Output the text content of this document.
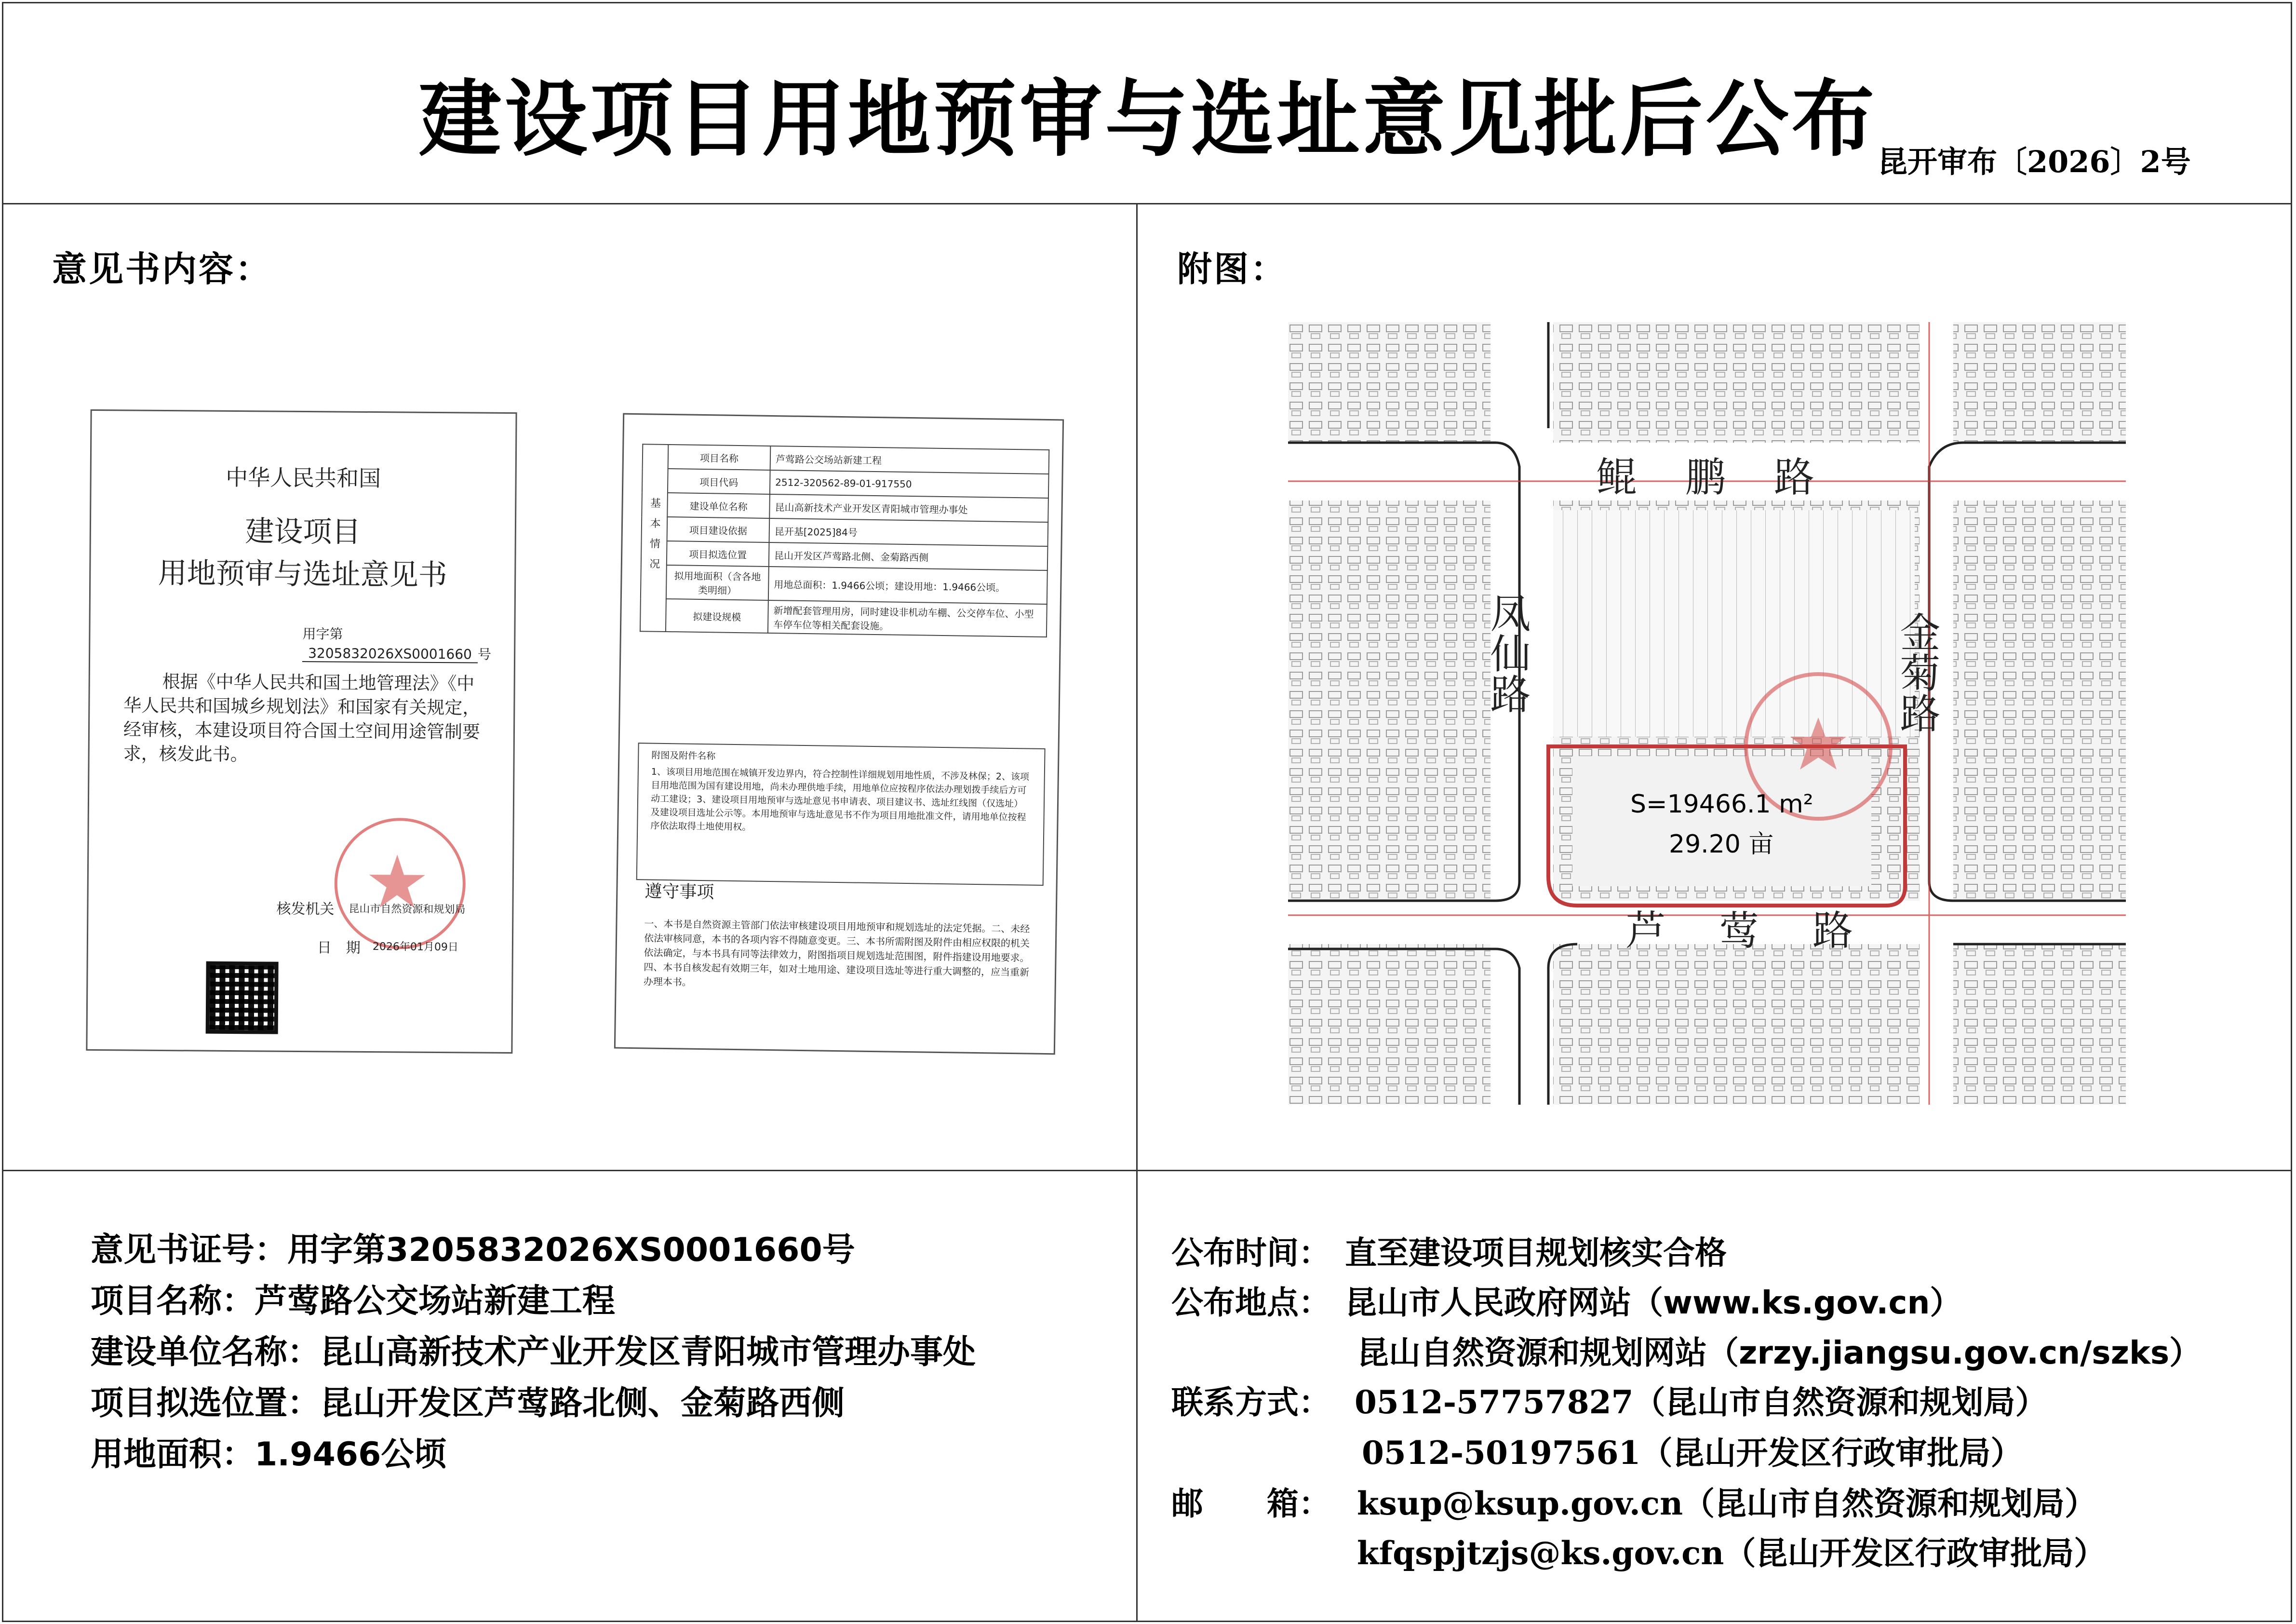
建设项目用地预审与选址意见批后公布 昆开审布〔2026〕2号
意见书内容：	附图：
中华人民共和国
建设项目
用地预审与选址意见书
用字第3205832026XS0001660 号
根据《中华人民共和国土地管理法》《中华人民共和国城乡规划法》和国家有关规定，经审核，本建设项目符合国土空间用途管制要求，核发此书。
核发机关 昆山市自然资源和规划局
日　期 2026年01月09日
基本情况	项目名称	芦莺路公交场站新建工程
	项目代码	2512-320562-89-01-917550
	建设单位名称	昆山高新技术产业开发区青阳城市管理办事处
	项目建设依据	昆开基[2025]84号
	项目拟选位置	昆山开发区芦莺路北侧、金菊路西侧
	拟用地面积（含各地类明细）	用地总面积：1.9466公顷；建设用地：1.9466公顷。
	拟建设规模	新增配套管理用房，同时建设非机动车棚、公交停车位、小型车停车位等相关配套设施。
附图及附件名称
1、该项目用地范围在城镇开发边界内，符合控制性详细规划用地性质，不涉及林保；2、该项目用地范围为国有建设用地，尚未办理供地手续，用地单位应按程序依法办理划拨手续后方可动工建设；3、建设项目用地预审与选址意见书申请表、项目建议书、选址红线图（仅选址）及建设项目选址公示等。本用地预审与选址意见书不作为项目用地批准文件，请用地单位按程序依法取得土地使用权。
遵守事项
一、本书是自然资源主管部门依法审核建设项目用地预审和规划选址的法定凭据。二、未经依法审核同意，本书的各项内容不得随意变更。三、本书所需附图及附件由相应权限的机关依法确定，与本书具有同等法律效力，附图指项目规划选址范围图，附件指建设用地要求。四、本书自核发起有效期三年，如对土地用途、建设项目选址等进行重大调整的，应当重新办理本书。
鲲鹏路
凤仙路	金菊路
芦莺路
S=19466.1 m²
29.20 亩
意见书证号：用字第3205832026XS0001660号
项目名称：芦莺路公交场站新建工程
建设单位名称：昆山高新技术产业开发区青阳城市管理办事处
项目拟选位置：昆山开发区芦莺路北侧、金菊路西侧
用地面积：1.9466公顷
公布时间： 直至建设项目规划核实合格
公布地点： 昆山市人民政府网站（www.ks.gov.cn）
昆山自然资源和规划网站（zrzy.jiangsu.gov.cn/szks）
联系方式： 0512-57757827（昆山市自然资源和规划局）
0512-50197561（昆山开发区行政审批局）
邮　　箱： ksup@ksup.gov.cn（昆山市自然资源和规划局）
kfqspjtzjs@ks.gov.cn（昆山开发区行政审批局）
